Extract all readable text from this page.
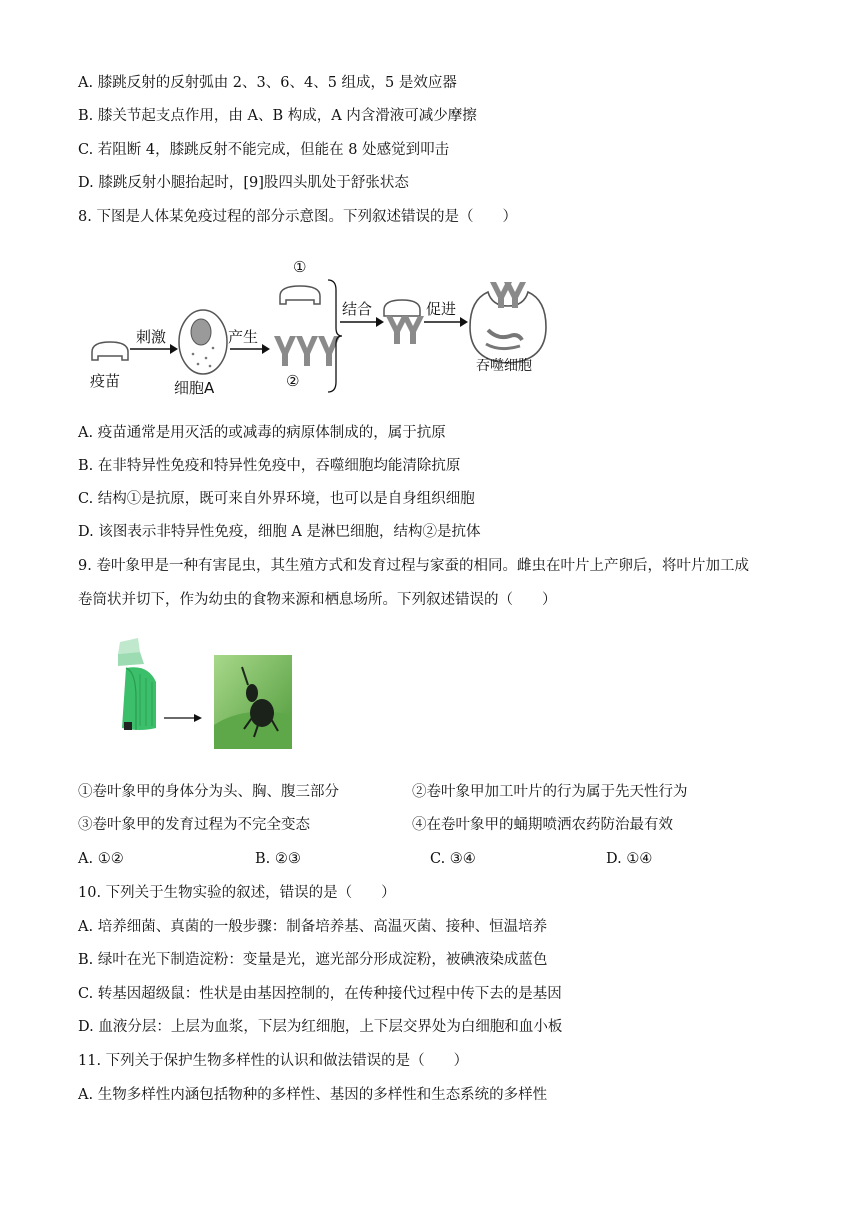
A. 膝跳反射的反射弧由 2、3、6、4、5 组成，5 是效应器
B. 膝关节起支点作用，由 A、B 构成，A 内含滑液可减少摩擦
C. 若阻断 4，膝跳反射不能完成，但能在 8 处感觉到叩击
D. 膝跳反射小腿抬起时，[9]股四头肌处于舒张状态
8. 下图是人体某免疫过程的部分示意图。下列叙述错误的是（　　）
疫苗
刺激
细胞A
产生
②
①
结合	促进
吞噬细胞
A. 疫苗通常是用灭活的或减毒的病原体制成的，属于抗原
B. 在非特异性免疫和特异性免疫中，吞噬细胞均能清除抗原
C. 结构①是抗原，既可来自外界环境，也可以是自身组织细胞
D. 该图表示非特异性免疫，细胞 A 是淋巴细胞，结构②是抗体
9. 卷叶象甲是一种有害昆虫，其生殖方式和发育过程与家蚕的相同。雌虫在叶片上产卵后，将叶片加工成
卷筒状并切下，作为幼虫的食物来源和栖息场所。下列叙述错误的（　　）
①卷叶象甲的身体分为头、胸、腹三部分	②卷叶象甲加工叶片的行为属于先天性行为
③卷叶象甲的发育过程为不完全变态	④在卷叶象甲的蛹期喷洒农药防治最有效
A. ①②	B. ②③	C. ③④	D. ①④
10. 下列关于生物实验的叙述，错误的是（　　）
A. 培养细菌、真菌的一般步骤：制备培养基、高温灭菌、接种、恒温培养
B. 绿叶在光下制造淀粉：变量是光，遮光部分形成淀粉，被碘液染成蓝色
C. 转基因超级鼠：性状是由基因控制的，在传种接代过程中传下去的是基因
D. 血液分层：上层为血浆，下层为红细胞，上下层交界处为白细胞和血小板
11. 下列关于保护生物多样性的认识和做法错误的是（　　）
A. 生物多样性内涵包括物种的多样性、基因的多样性和生态系统的多样性
